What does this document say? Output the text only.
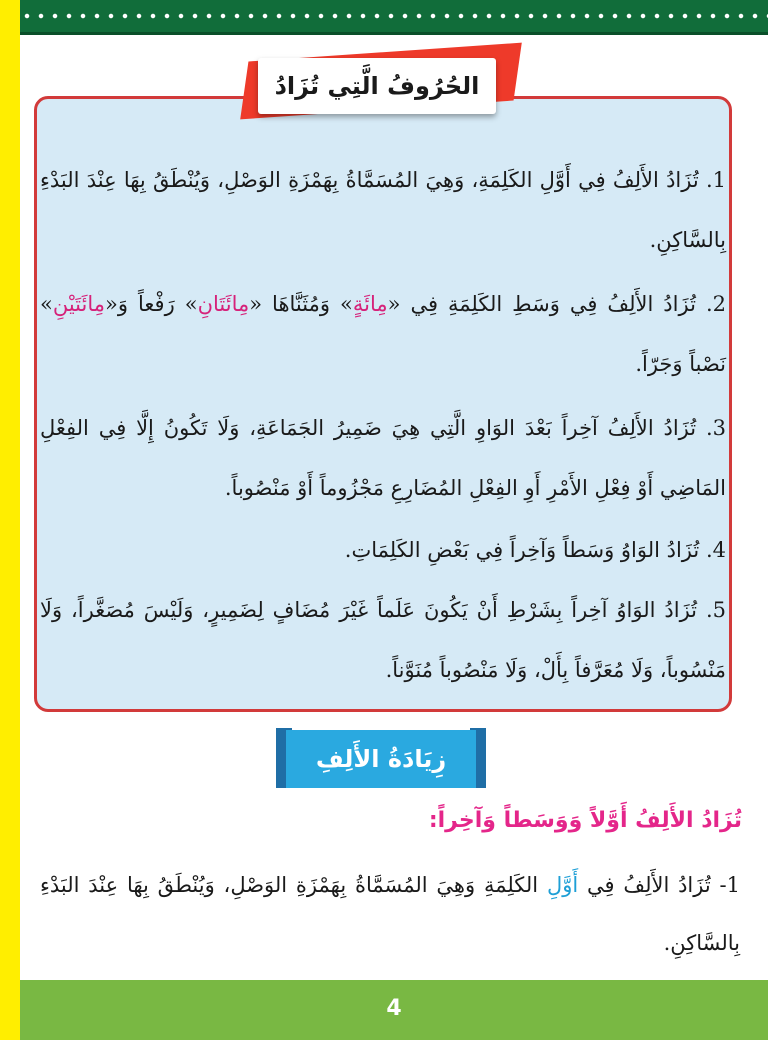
الحُرُوفُ الَّتِي تُزَادُ
1. تُزَادُ الأَلِفُ فِي أَوَّلِ الكَلِمَةِ، وَهِيَ المُسَمَّاةُ بِهَمْزَةِ الوَصْلِ، وَيُنْطَقُ بِهَا عِنْدَ البَدْءِ بِالسَّاكِنِ.
2. تُزَادُ الأَلِفُ فِي وَسَطِ الكَلِمَةِ فِي «مِائَةٍ» وَمُثَنَّاهَا «مِائَتَانِ» رَفْعاً وَ«مِائَتَيْنِ» نَصْباً وَجَرّاً.
3. تُزَادُ الأَلِفُ آخِراً بَعْدَ الوَاوِ الَّتِي هِيَ ضَمِيرُ الجَمَاعَةِ، وَلَا تَكُونُ إِلَّا فِي الفِعْلِ المَاضِي أَوْ فِعْلِ الأَمْرِ أَوِ الفِعْلِ المُضَارِعِ مَجْزُوماً أَوْ مَنْصُوباً.
4. تُزَادُ الوَاوُ وَسَطاً وَآخِراً فِي بَعْضِ الكَلِمَاتِ.
5. تُزَادُ الوَاوُ آخِراً بِشَرْطِ أَنْ يَكُونَ عَلَماً غَيْرَ مُضَافٍ لِضَمِيرٍ، وَلَيْسَ مُصَغَّراً، وَلَا مَنْسُوباً، وَلَا مُعَرَّفاً بِأَلْ، وَلَا مَنْصُوباً مُنَوَّناً.
زِيَادَةُ الأَلِفِ
تُزَادُ الأَلِفُ أَوَّلاً وَوَسَطاً وَآخِراً:
1- تُزَادُ الأَلِفُ فِي أَوَّلِ الكَلِمَةِ وَهِيَ المُسَمَّاةُ بِهَمْزَةِ الوَصْلِ، وَيُنْطَقُ بِهَا عِنْدَ البَدْءِ بِالسَّاكِنِ.
4
